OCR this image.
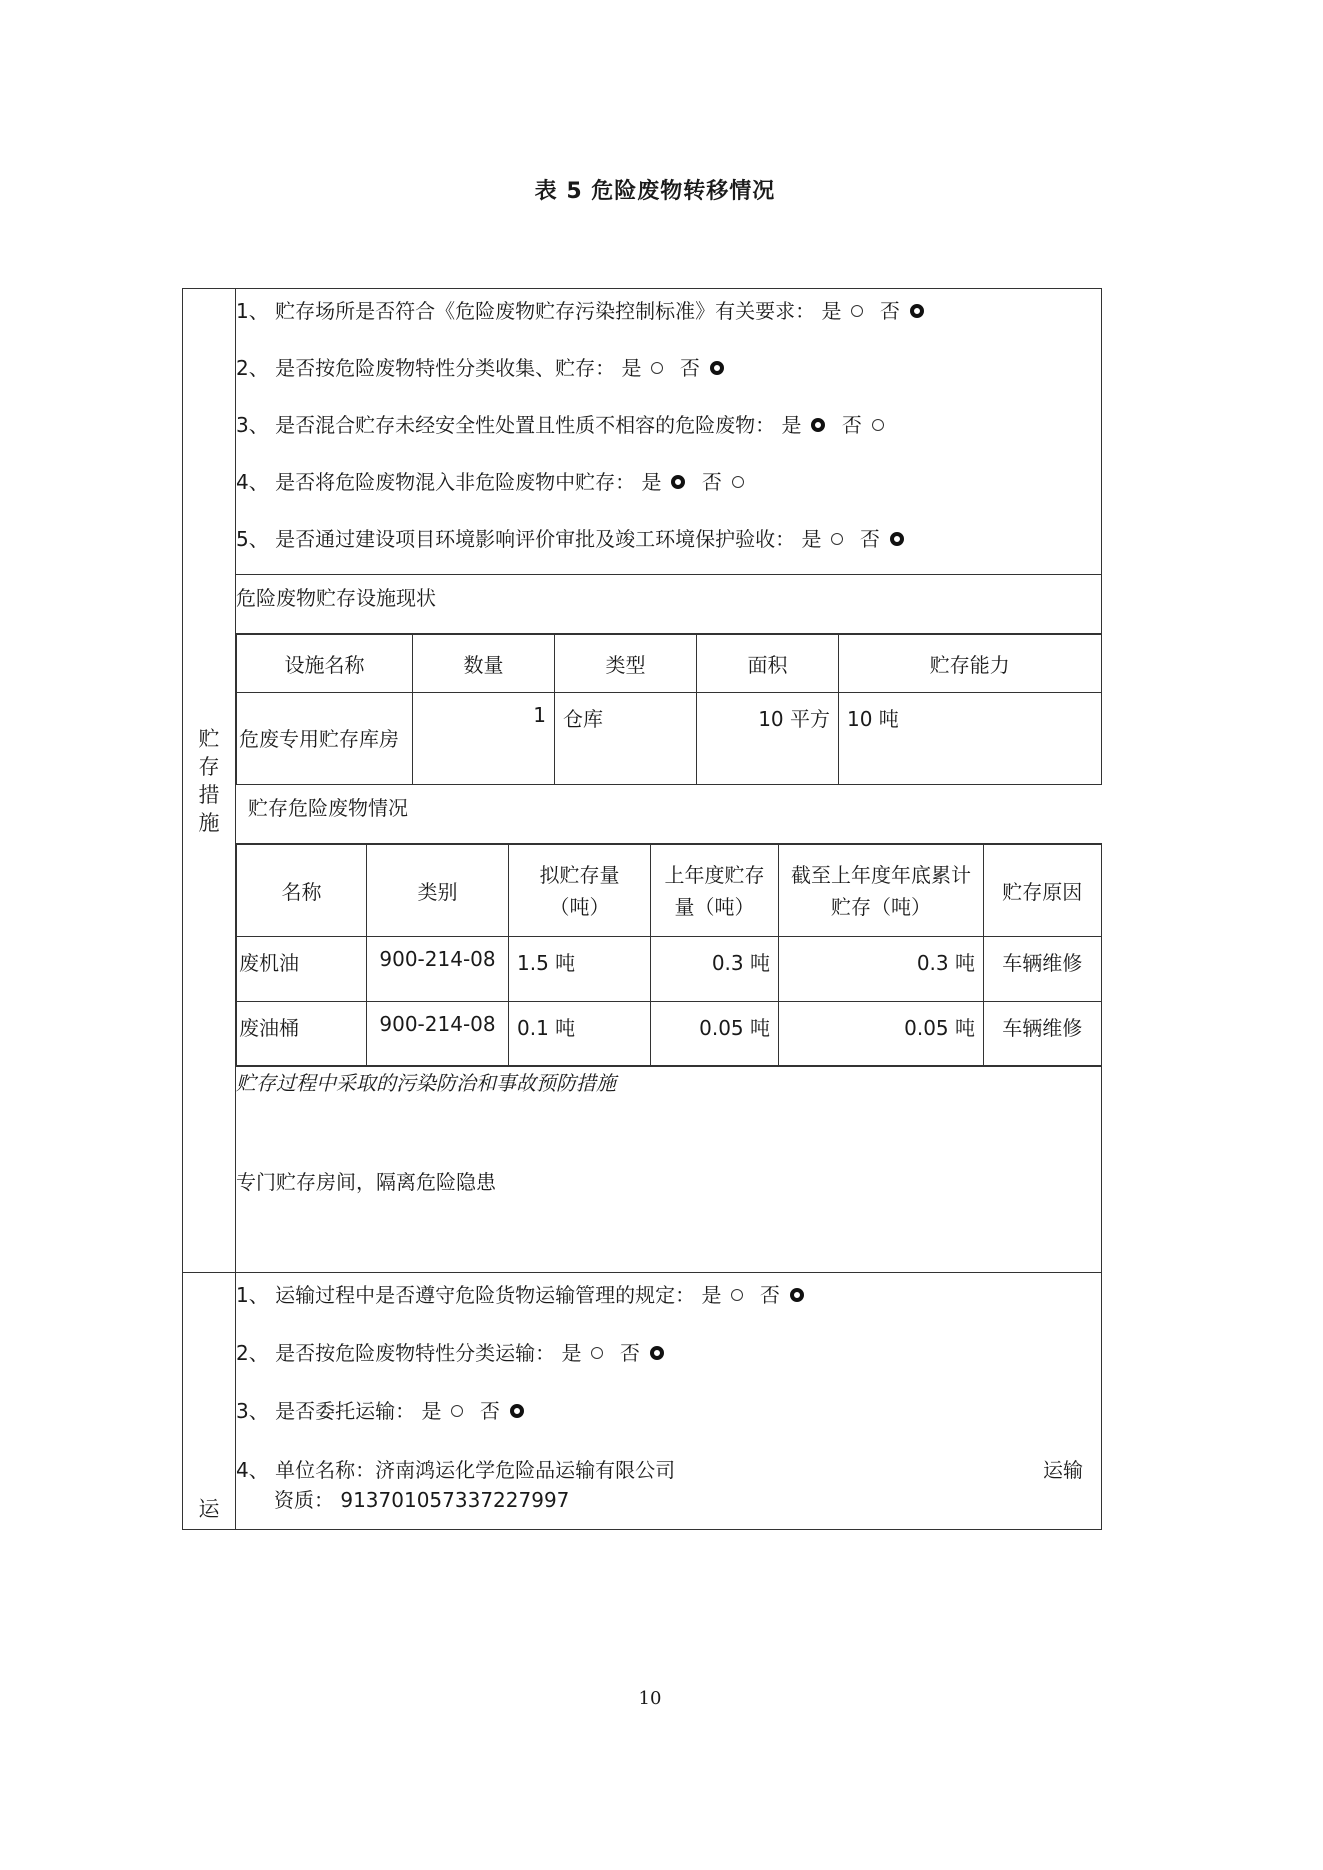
表 5 危险废物转移情况
贮存措施	
1、 贮存场所是否符合《危险废物贮存污染控制标准》有关要求： 是 否
2、 是否按危险废物特性分类收集、贮存： 是 否
3、 是否混合贮存未经安全性处置且性质不相容的危险废物： 是 否
4、 是否将危险废物混入非危险废物中贮存： 是 否
5、 是否通过建设项目环境影响评价审批及竣工环境保护验收： 是 否

危险废物贮存设施现状

设施名称	数量	类型	面积	贮存能力
危废专用贮存库房	1	仓库	10 平方	10 吨

贮存危险废物情况
名称	类别	拟贮存量（吨）	上年度贮存量（吨）	截至上年度年底累计贮存（吨）	贮存原因
废机油	900-214-08	1.5 吨	0.3 吨	0.3 吨	车辆维修
废油桶	900-214-08	0.1 吨	0.05 吨	0.05 吨	车辆维修

贮存过程中采取的污染防治和事故预防措施
专门贮存房间，隔离危险隐患

运	
1、 运输过程中是否遵守危险货物运输管理的规定： 是 否
2、 是否按危险废物特性分类运输： 是 否
3、 是否委托运输： 是 否
4、 单位名称：济南鸿运化学危险品运输有限公司
资质： 91370105733722799​7
运输
10
